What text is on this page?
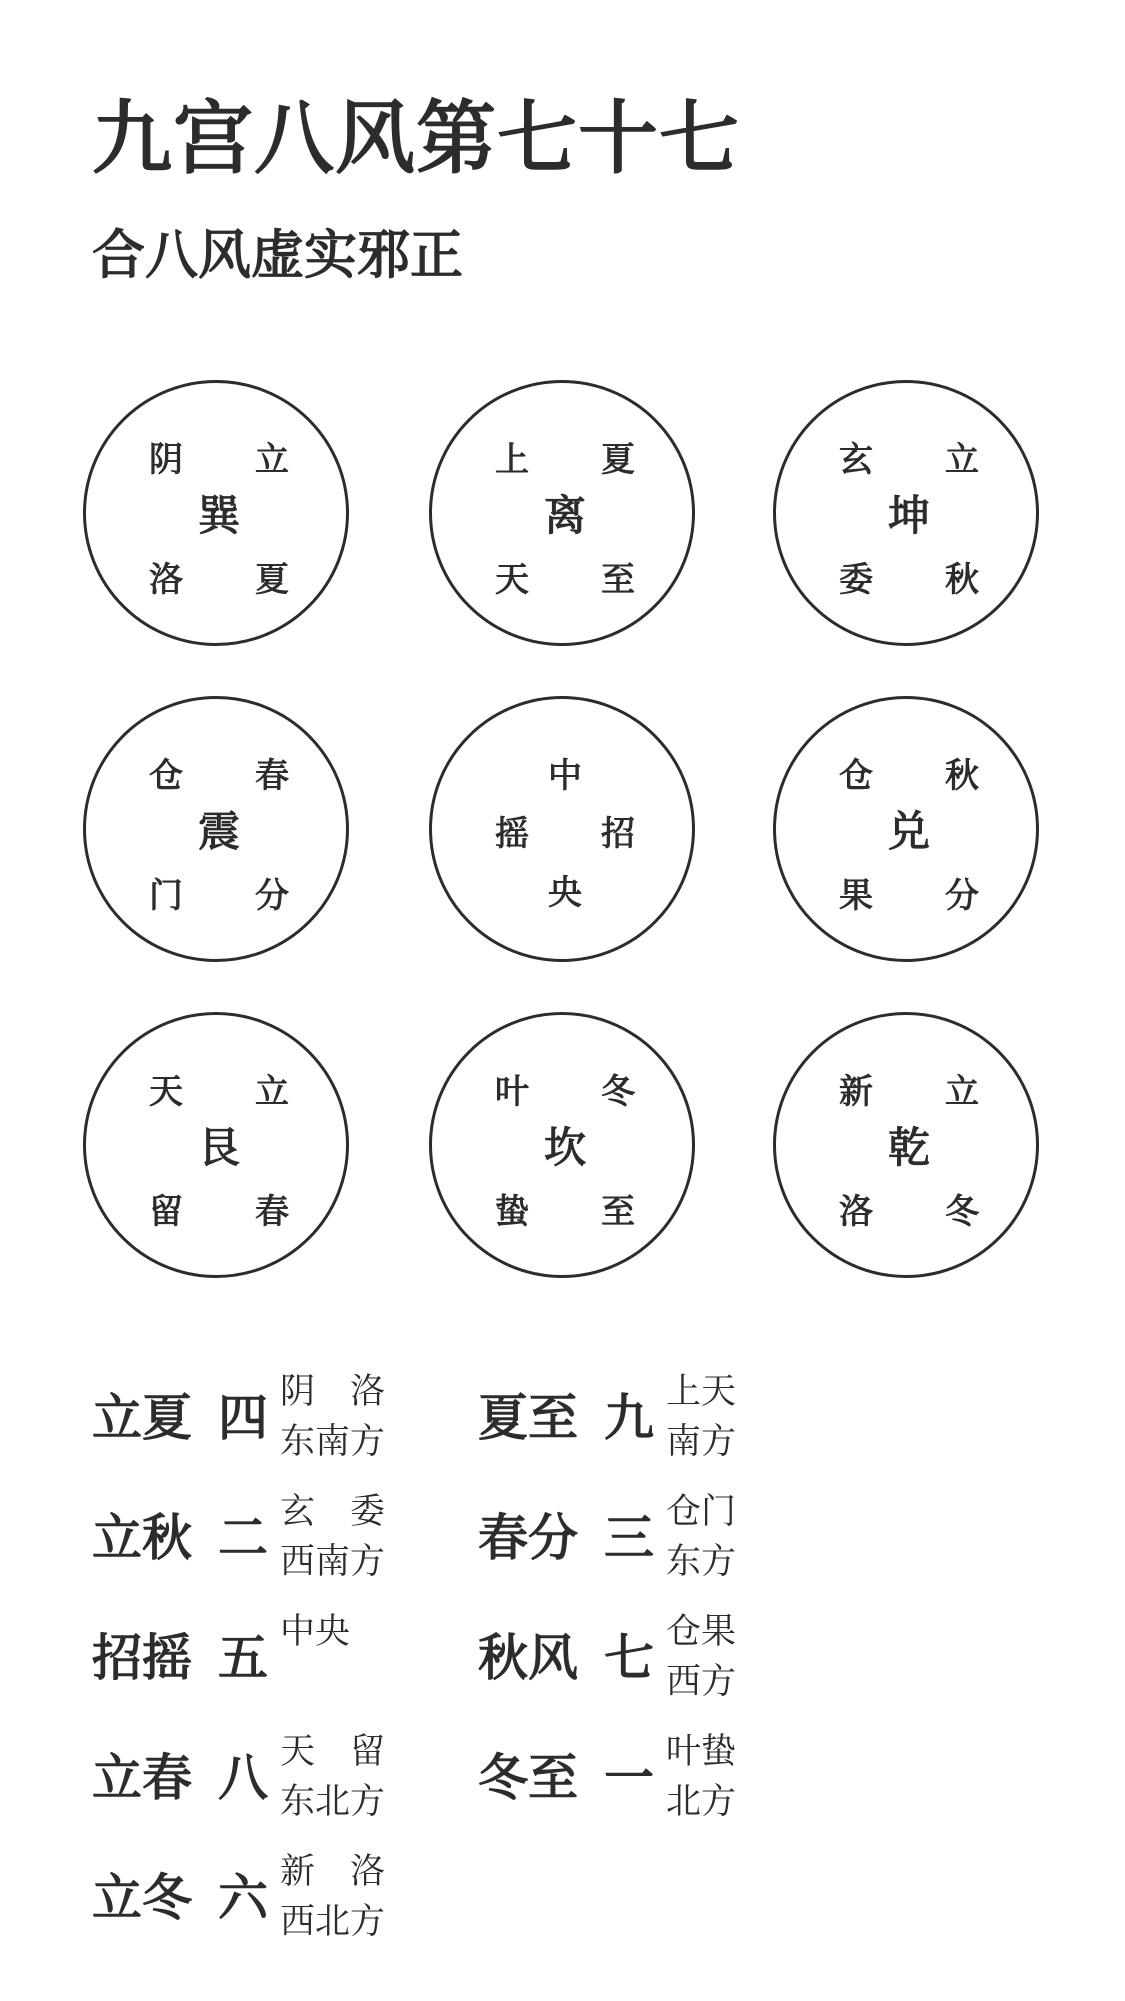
九宫八风第七十七
合八风虚实邪正
阴 立
巽
洛 夏
上 夏
离
天 至
玄 立
坤
委 秋
仓 春
震
门 分
中
摇 招
央
仓 秋
兑
果 分
天 立
艮
留 春
叶 冬
坎
蛰 至
新 立
乾
洛 冬
立夏 四 阴　洛
东南方 夏至 九 上天
南方
立秋 二 玄　委
西南方 春分 三 仓门
东方
招摇 五 中央	秋风 七 仓果
西方
立春 八 天　留
东北方 冬至 一 叶蛰
北方
立冬 六 新　洛
西北方
